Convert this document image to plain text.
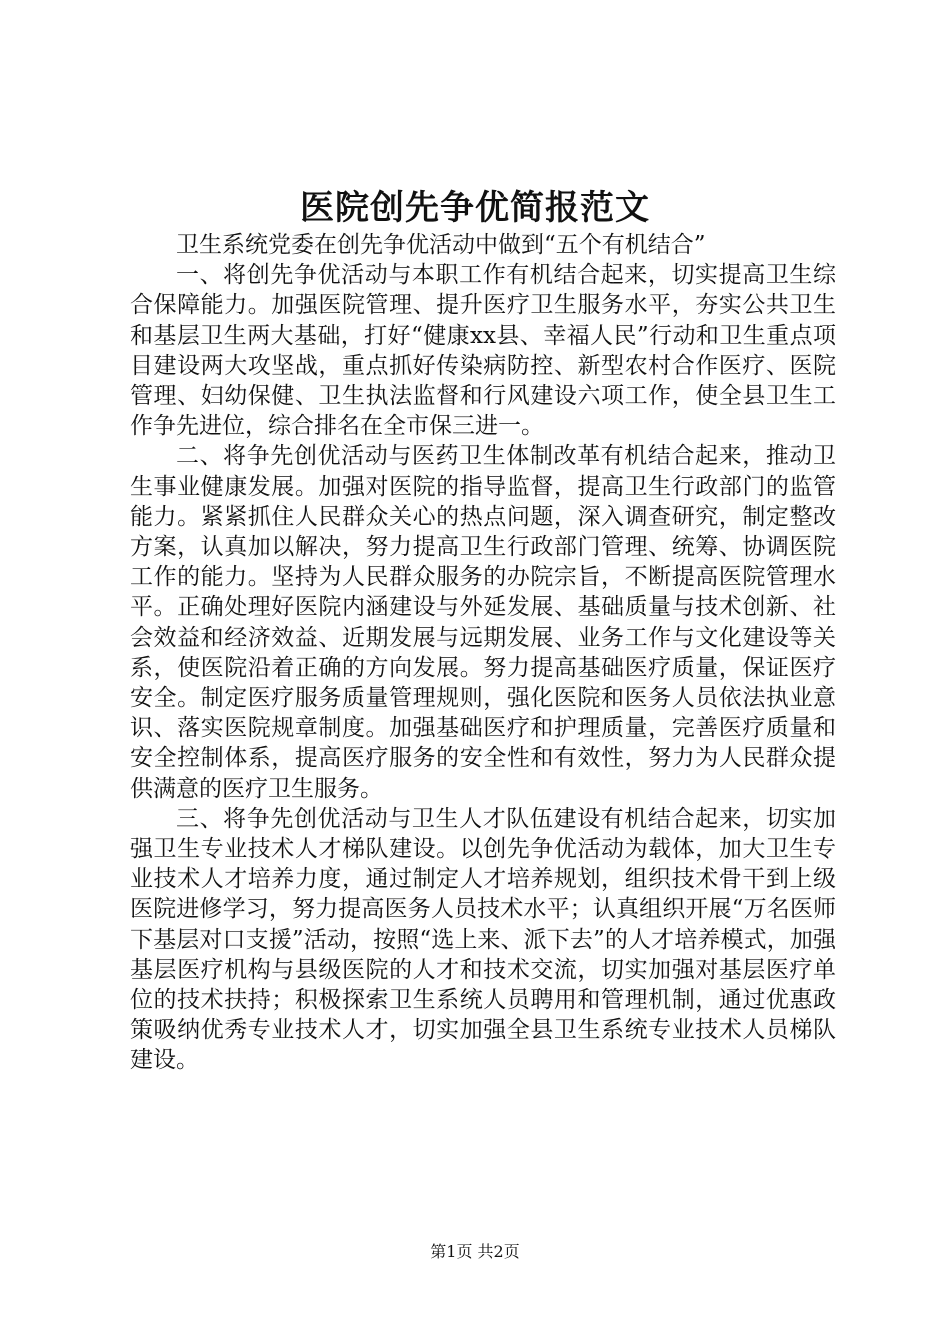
医院创先争优简报范文

卫生系统党委在创先争优活动中做到“五个有机结合”

一、将创先争优活动与本职工作有机结合起来，切实提高卫生综合保障能力。加强医院管理、提升医疗卫生服务水平，夯实公共卫生和基层卫生两大基础，打好“健康xx县、幸福人民”行动和卫生重点项目建设两大攻坚战，重点抓好传染病防控、新型农村合作医疗、医院管理、妇幼保健、卫生执法监督和行风建设六项工作，使全县卫生工作争先进位，综合排名在全市保三进一。

二、将争先创优活动与医药卫生体制改革有机结合起来，推动卫生事业健康发展。加强对医院的指导监督，提高卫生行政部门的监管能力。紧紧抓住人民群众关心的热点问题，深入调查研究，制定整改方案，认真加以解决，努力提高卫生行政部门管理、统筹、协调医院工作的能力。坚持为人民群众服务的办院宗旨，不断提高医院管理水平。正确处理好医院内涵建设与外延发展、基础质量与技术创新、社会效益和经济效益、近期发展与远期发展、业务工作与文化建设等关系，使医院沿着正确的方向发展。努力提高基础医疗质量，保证医疗安全。制定医疗服务质量管理规则，强化医院和医务人员依法执业意识、落实医院规章制度。加强基础医疗和护理质量，完善医疗质量和安全控制体系，提高医疗服务的安全性和有效性，努力为人民群众提供满意的医疗卫生服务。

三、将争先创优活动与卫生人才队伍建设有机结合起来，切实加强卫生专业技术人才梯队建设。以创先争优活动为载体，加大卫生专业技术人才培养力度，通过制定人才培养规划，组织技术骨干到上级医院进修学习，努力提高医务人员技术水平；认真组织开展“万名医师下基层对口支援”活动，按照“选上来、派下去”的人才培养模式，加强基层医疗机构与县级医院的人才和技术交流，切实加强对基层医疗单位的技术扶持；积极探索卫生系统人员聘用和管理机制，通过优惠政策吸纳优秀专业技术人才，切实加强全县卫生系统专业技术人员梯队建设。

第1页 共2页
